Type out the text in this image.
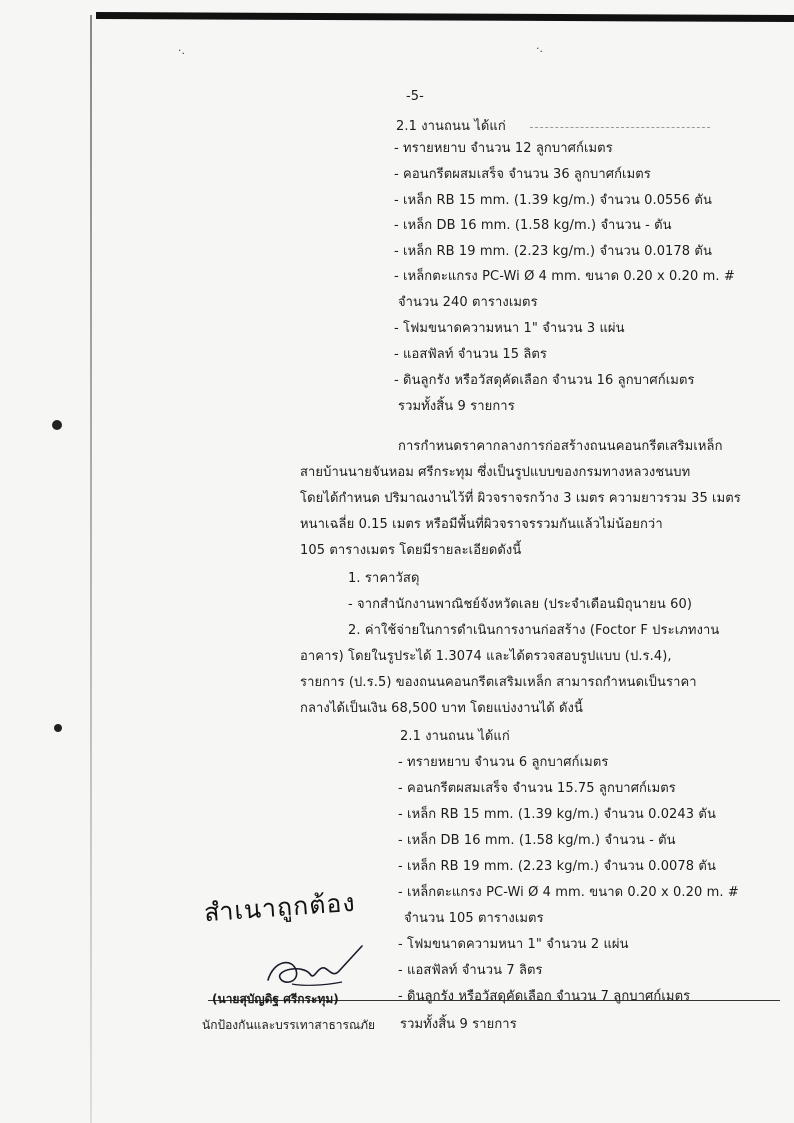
·.	·.
-5-
2.1 งานถนน ได้แก่
- ทรายหยาบ จำนวน 12 ลูกบาศก์เมตร
- คอนกรีตผสมเสร็จ จำนวน 36 ลูกบาศก์เมตร
- เหล็ก RB 15 mm. (1.39 kg/m.) จำนวน 0.0556 ตัน
- เหล็ก DB 16 mm. (1.58 kg/m.) จำนวน - ตัน
- เหล็ก RB 19 mm. (2.23 kg/m.) จำนวน 0.0178 ตัน
- เหล็กตะแกรง PC-Wi Ø 4 mm. ขนาด 0.20 x 0.20 m. #
จำนวน 240 ตารางเมตร
- โฟมขนาดความหนา 1" จำนวน 3 แผ่น
- แอสฟัลท์ จำนวน 15 ลิตร
- ดินลูกรัง หรือวัสดุคัดเลือก จำนวน 16 ลูกบาศก์เมตร
รวมทั้งสิ้น 9 รายการ
การกำหนดราคากลางการก่อสร้างถนนคอนกรีตเสริมเหล็ก
สายบ้านนายจันหอม ศรีกระทุม ซึ่งเป็นรูปแบบของกรมทางหลวงชนบท
โดยได้กำหนด ปริมาณงานไว้ที่ ผิวจราจรกว้าง 3 เมตร ความยาวรวม 35 เมตร
หนาเฉลี่ย 0.15 เมตร หรือมีพื้นที่ผิวจราจรรวมกันแล้วไม่น้อยกว่า
105 ตารางเมตร โดยมีรายละเอียดดังนี้
1. ราคาวัสดุ
- จากสำนักงานพาณิชย์จังหวัดเลย (ประจำเดือนมิถุนายน 60)
2. ค่าใช้จ่ายในการดำเนินการงานก่อสร้าง (Foctor F ประเภทงาน
อาคาร) โดยในรูประได้ 1.3074 และได้ตรวจสอบรูปแบบ (ป.ร.4),
รายการ (ป.ร.5) ของถนนคอนกรีตเสริมเหล็ก สามารถกำหนดเป็นราคา
กลางได้เป็นเงิน 68,500 บาท โดยแบ่งงานได้ ดังนี้
2.1 งานถนน ได้แก่
- ทรายหยาบ จำนวน 6 ลูกบาศก์เมตร
- คอนกรีตผสมเสร็จ จำนวน 15.75 ลูกบาศก์เมตร
- เหล็ก RB 15 mm. (1.39 kg/m.) จำนวน 0.0243 ตัน
- เหล็ก DB 16 mm. (1.58 kg/m.) จำนวน - ตัน
- เหล็ก RB 19 mm. (2.23 kg/m.) จำนวน 0.0078 ตัน
- เหล็กตะแกรง PC-Wi Ø 4 mm. ขนาด 0.20 x 0.20 m. #
จำนวน 105 ตารางเมตร
- โฟมขนาดความหนา 1" จำนวน 2 แผ่น
- แอสฟัลท์ จำนวน 7 ลิตร
- ดินลูกรัง หรือวัสดุคัดเลือก จำนวน 7 ลูกบาศก์เมตร
รวมทั้งสิ้น 9 รายการ
สำเนาถูกต้อง
(นายสุบัญดิฐ ศรีกระทุม)
นักป้องกันและบรรเทาสาธารณภัย
